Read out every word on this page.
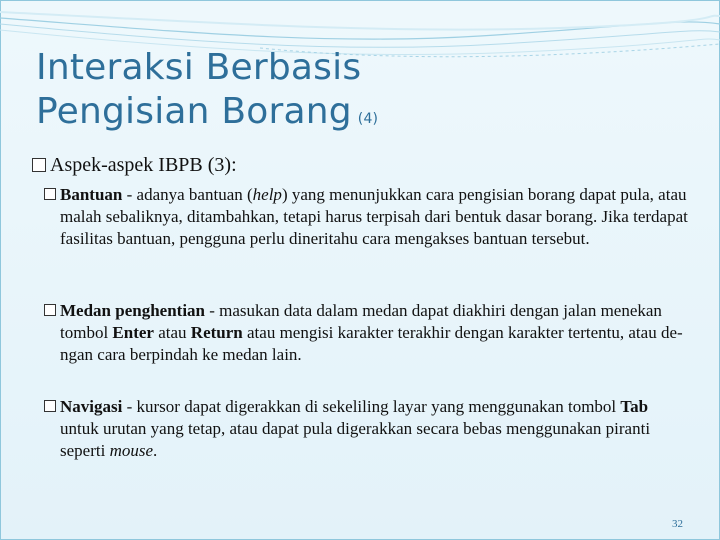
Interaksi Berbasis
Pengisian Borang (4)
Aspek-aspek IBPB (3):

Bantuan - adanya bantuan (help) yang menunjukkan cara pengisian borang dapat pula, atau malah sebaliknya, ditambahkan, tetapi harus terpisah dari bentuk dasar borang. Jika terdapat fasilitas bantuan, pengguna perlu dineritahu cara mengakses bantuan tersebut.

Medan penghentian - masukan data dalam medan dapat diakhiri dengan jalan menekan tombol Enter atau Return atau mengisi karakter terakhir dengan karakter tertentu, atau de-ngan cara berpindah ke medan lain.

Navigasi - kursor dapat digerakkan di sekeliling layar yang menggunakan tombol Tab untuk urutan yang tetap, atau dapat pula digerakkan secara bebas menggunakan piranti seperti mouse.

32
